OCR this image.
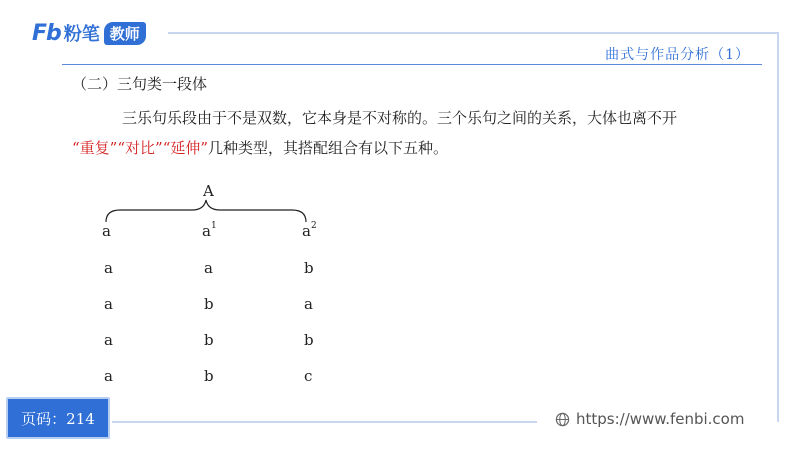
Fb 粉笔 教师
曲式与作品分析（1）
（二）三句类一段体
三乐句乐段由于不是双数，它本身是不对称的。三个乐句之间的关系，大体也离不开
“重复”“对比”“延伸”几种类型，其搭配组合有以下五种。
A
a	$a^1$	$a^2$
a	a	b
a	b	a
a	b	b
a	b	c
页码：214	https://www.fenbi.com
